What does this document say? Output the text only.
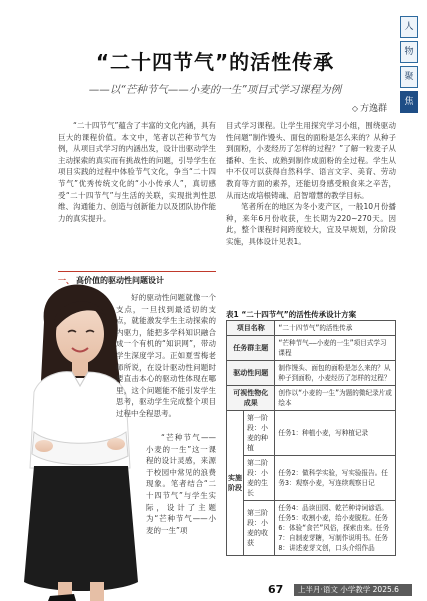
人
物
聚
焦
“二十四节气”的活性传承
——以“芒种节气——小麦的一生”项目式学习课程为例
◇ 方逸群

“二十四节气”蕴含了丰富的文化内涵，具有巨大的课程价值。本文中，笔者以芒种节气为例，从项目式学习的内涵出发，设计出驱动学生主动探索的真实而有挑战性的问题，引导学生在项目实践的过程中体验节气文化，争当“二十四节气”优秀传统文化的“小小传承人”，真切感受“二十四节气”与生活的关联，实现批判性思维、沟通能力、创造与创新能力以及团队协作能力的真实提升。

一、 高价值的驱动性问题设计

好的驱动性问题就像一个支点，一旦找到最适切的支点，就能激发学生主动探索的内驱力，能把多学科知识融合成一个有机的“知识网”，带动学生深度学习。正如夏雪梅老师所说，在设计驱动性问题时要直击本心的驱动性体现在哪里，这个问题能不能引发学生思考，驱动学生完成整个项目过程中全程思考。

“芒种节气——小麦的一生”这一课程的设计灵感，来源于校园中常见的浪费现象。笔者结合“二十四节气”与学生实际，设计了主题为“芒种节气——小麦的一生”项

目式学习课程。让学生用探究学习小组，围绕驱动性问题“制作馒头、面包的面粉是怎么来的？从种子到面粉，小麦经历了怎样的过程？”了解一粒麦子从播种、生长、成熟到制作成面粉的全过程。学生从中不仅可以获得自然科学、语言文字、美育、劳动教育等方面的素养，还能切身感受粮食来之辛苦，从而达成培根铸魂、启智增慧的教学目标。

笔者所在的地区为冬小麦产区，一般10月份播种，来年6月份收获，生长期为220~270天。因此，整个课程时间跨度较大，宜及早规划，分阶段实施，具体设计见表1。

表1 “二十四节气”的活性传承设计方案
项目名称		“二十四节气”的活性传承
任务群主题		“芒种节气——小麦的一生”项目式学习课程
驱动性问题		制作馒头、面包的面粉是怎么来的？从种子到面粉，小麦经历了怎样的过程？
可视性物化成果		创作以“小麦的一生”为题的微纪录片或绘本
实施阶段	第一阶段：小麦的种植	任务1：种植小麦，写种植记录
	第二阶段：小麦的生长	任务2：做科学实验，写实验报告。任务3：观察小麦，写连续观察日记
	第三阶段：小麦的收获	任务4：品读田园、乾芒种诗词谚语。任务5：收割小麦，给小麦脱粒。任务6：体验“食芒”风俗，探索由来。任务7：自制麦芽糖，写制作说明书。任务8：讲述麦芽文创，口头介绍作品
67	上半月·语文 小学教学 2025.6
